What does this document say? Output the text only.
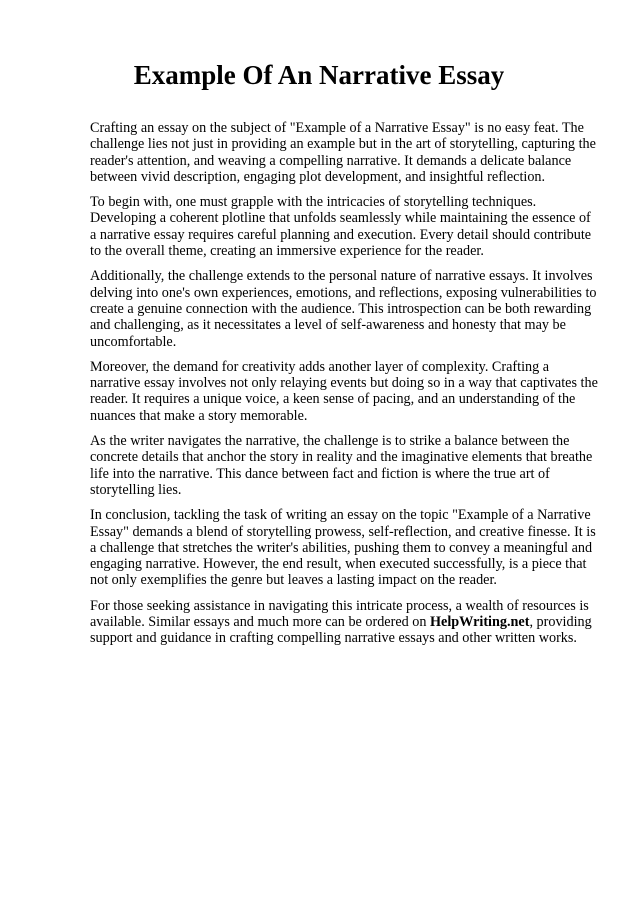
Example Of An Narrative Essay

Crafting an essay on the subject of "Example of a Narrative Essay" is no easy feat. The challenge lies not just in providing an example but in the art of storytelling, capturing the reader's attention, and weaving a compelling narrative. It demands a delicate balance between vivid description, engaging plot development, and insightful reflection.

To begin with, one must grapple with the intricacies of storytelling techniques. Developing a coherent plotline that unfolds seamlessly while maintaining the essence of a narrative essay requires careful planning and execution. Every detail should contribute to the overall theme, creating an immersive experience for the reader.

Additionally, the challenge extends to the personal nature of narrative essays. It involves delving into one's own experiences, emotions, and reflections, exposing vulnerabilities to create a genuine connection with the audience. This introspection can be both rewarding and challenging, as it necessitates a level of self-awareness and honesty that may be uncomfortable.

Moreover, the demand for creativity adds another layer of complexity. Crafting a narrative essay involves not only relaying events but doing so in a way that captivates the reader. It requires a unique voice, a keen sense of pacing, and an understanding of the nuances that make a story memorable.

As the writer navigates the narrative, the challenge is to strike a balance between the concrete details that anchor the story in reality and the imaginative elements that breathe life into the narrative. This dance between fact and fiction is where the true art of storytelling lies.

In conclusion, tackling the task of writing an essay on the topic "Example of a Narrative Essay" demands a blend of storytelling prowess, self-reflection, and creative finesse. It is a challenge that stretches the writer's abilities, pushing them to convey a meaningful and engaging narrative. However, the end result, when executed successfully, is a piece that not only exemplifies the genre but leaves a lasting impact on the reader.

For those seeking assistance in navigating this intricate process, a wealth of resources is available. Similar essays and much more can be ordered on HelpWriting.net, providing support and guidance in crafting compelling narrative essays and other written works.
